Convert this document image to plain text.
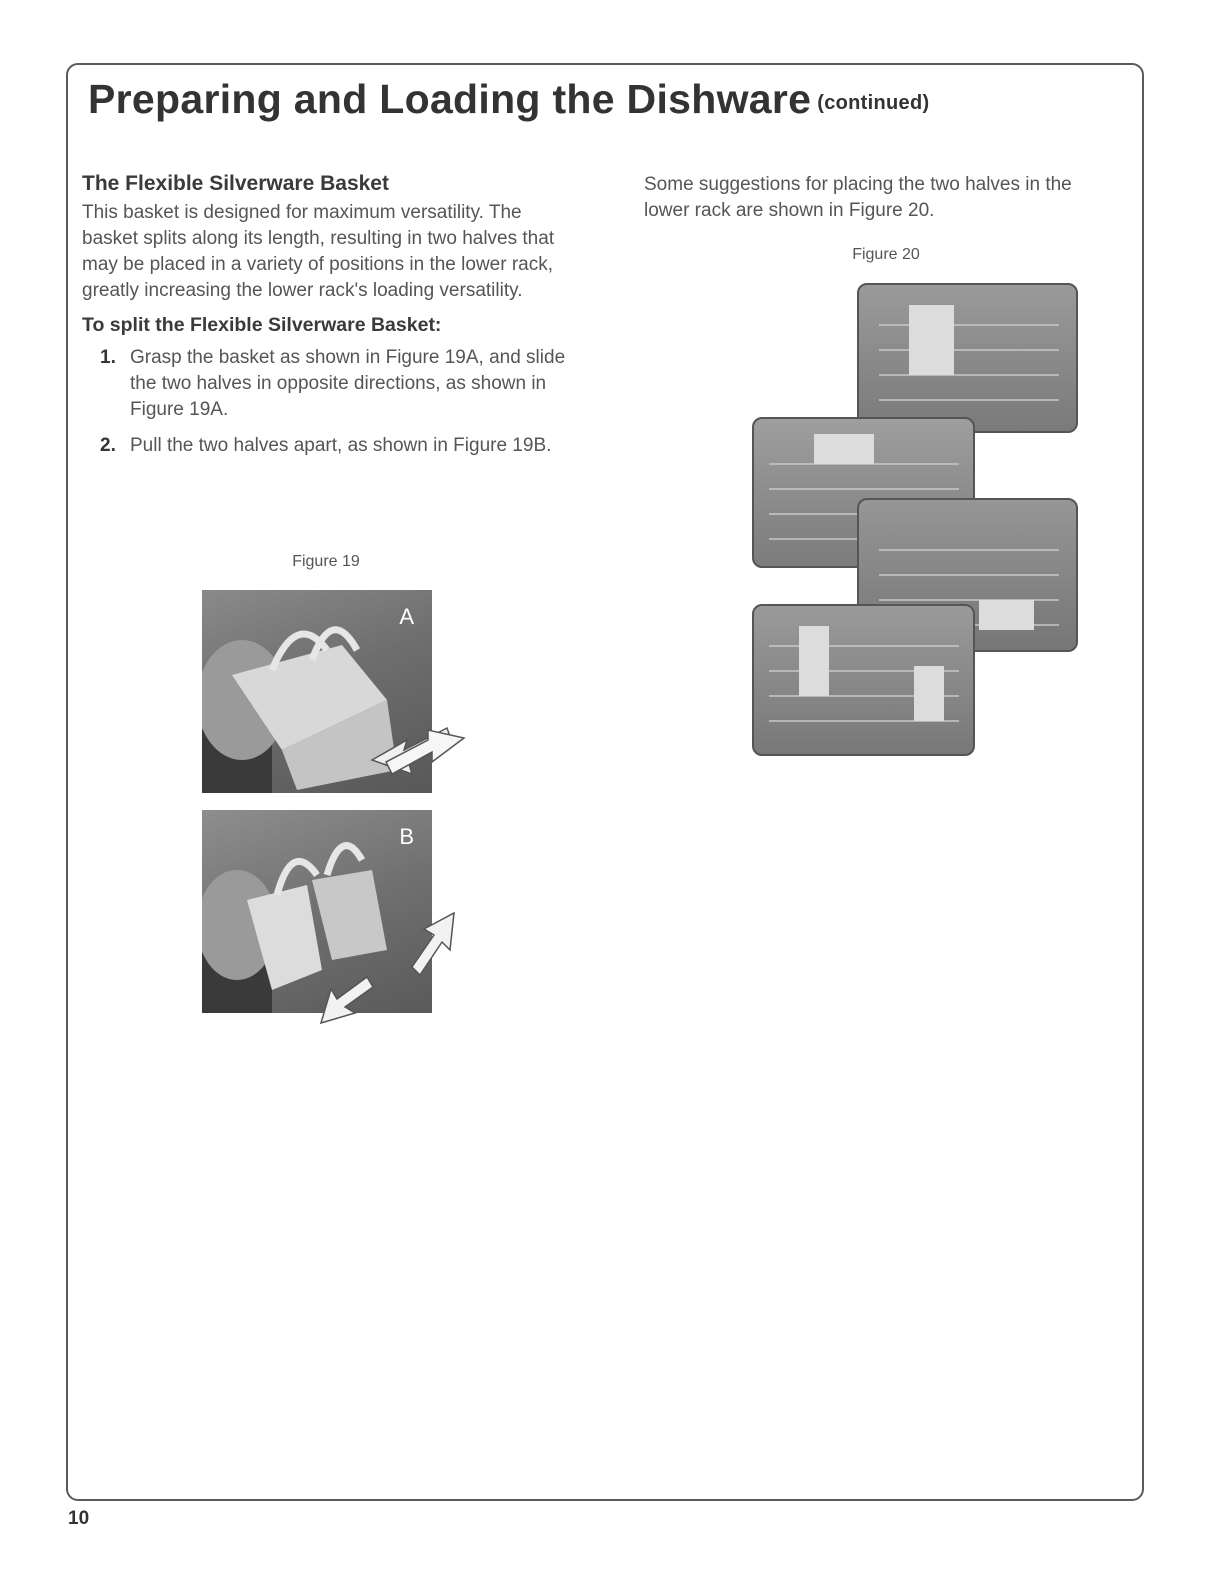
Preparing and Loading the Dishware (continued)
The Flexible Silverware Basket

This basket is designed for maximum versatility. The basket splits along its length, resulting in two halves that may be placed in a variety of positions in the lower rack, greatly increasing the lower rack's loading versatility.

To split the Flexible Silverware Basket:
1. Grasp the basket as shown in Figure 19A, and slide the two halves in opposite directions, as shown in Figure 19A.
2. Pull the two halves apart, as shown in Figure 19B.
Figure 19
A
B

Some suggestions for placing the two halves in the lower rack are shown in Figure 20.

Figure 20
10
